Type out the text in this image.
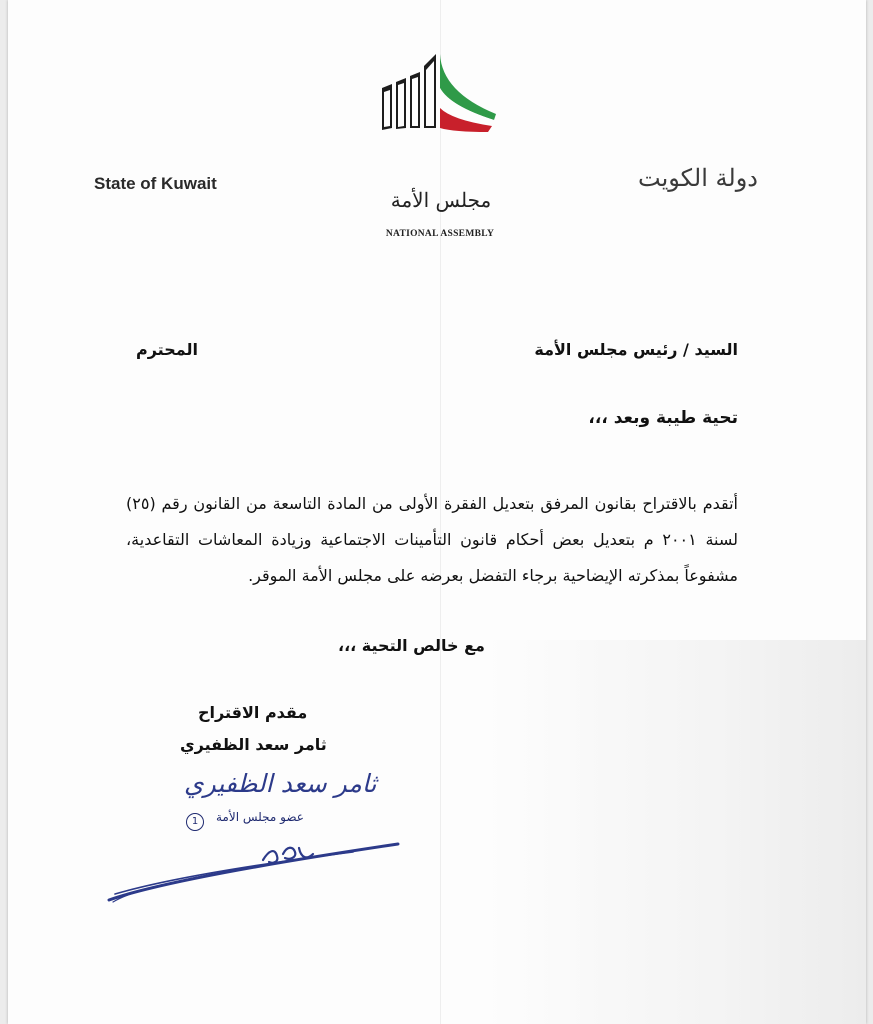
State of Kuwait
مجلس الأمة
NATIONAL ASSEMBLY
دولة الكويت
السيد / رئيس مجلس الأمة
المحترم
تحية طيبة وبعد ،،،
أتقدم بالاقتراح بقانون المرفق بتعديل الفقرة الأولى من المادة التاسعة من القانون رقم (٢٥) لسنة ٢٠٠١ م بتعديل بعض أحكام قانون التأمينات الاجتماعية وزيادة المعاشات التقاعدية، مشفوعاً بمذكرته الإيضاحية برجاء التفضل بعرضه على مجلس الأمة الموقر.
مع خالص التحية ،،،
مقدم الاقتراح
ثامر سعد الظفيري
ثامر سعد الظفيري
عضو مجلس الأمة
1
